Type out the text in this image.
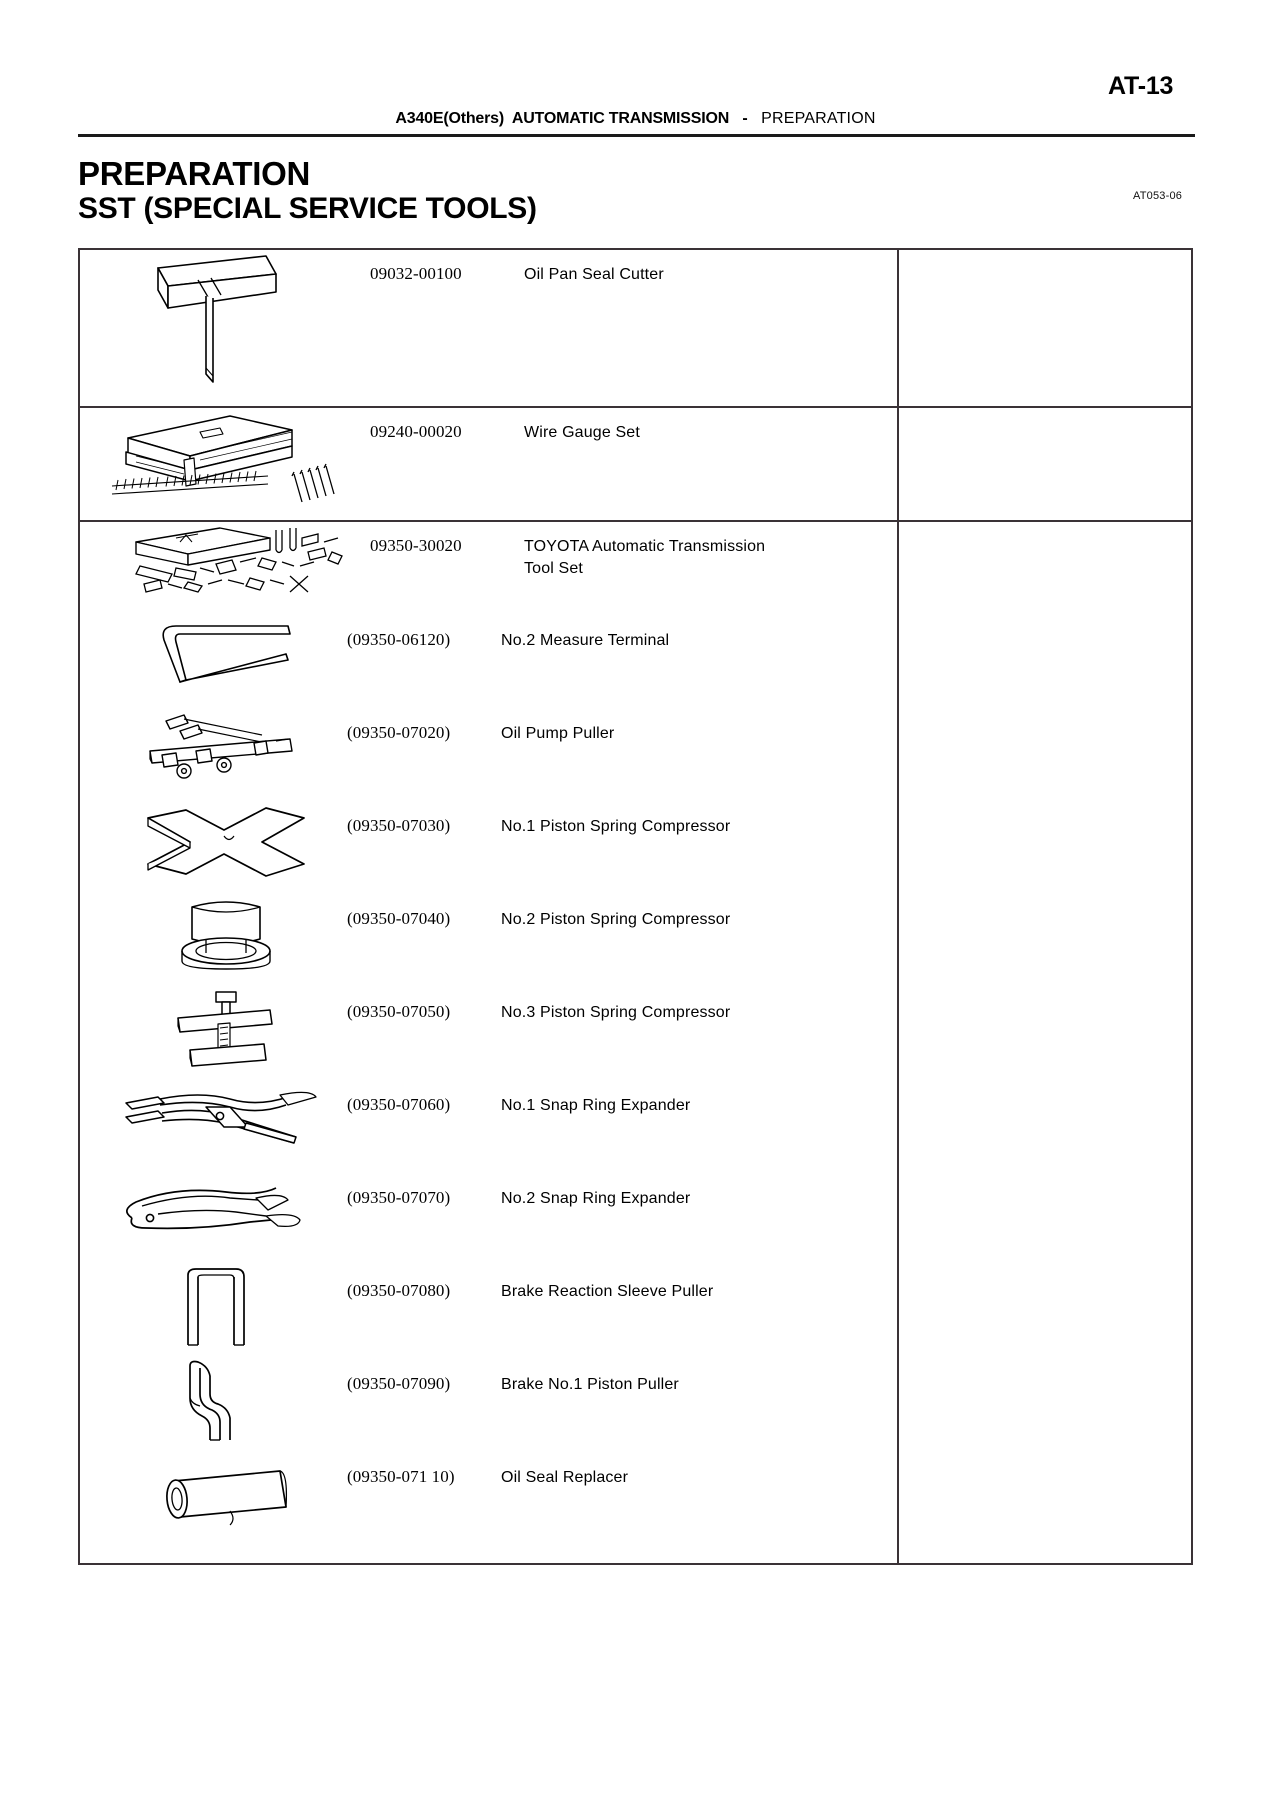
AT-13
A340E(Others)  AUTOMATIC TRANSMISSION   -   PREPARATION
PREPARATION
SST (SPECIAL SERVICE TOOLS)	AT053-06
09032-00100	Oil Pan Seal Cutter
09240-00020	Wire Gauge Set
09350-30020	TOYOTA Automatic Transmission
Tool Set
(09350-06120)	No.2 Measure Terminal
(09350-07020)	Oil Pump Puller
(09350-07030)	No.1 Piston Spring Compressor
(09350-07040)	No.2 Piston Spring Compressor
(09350-07050)	No.3 Piston Spring Compressor
(09350-07060)	No.1 Snap Ring Expander
(09350-07070)	No.2 Snap Ring Expander
(09350-07080)	Brake Reaction Sleeve Puller
(09350-07090)	Brake No.1 Piston Puller
(09350-071 10)	Oil Seal Replacer
